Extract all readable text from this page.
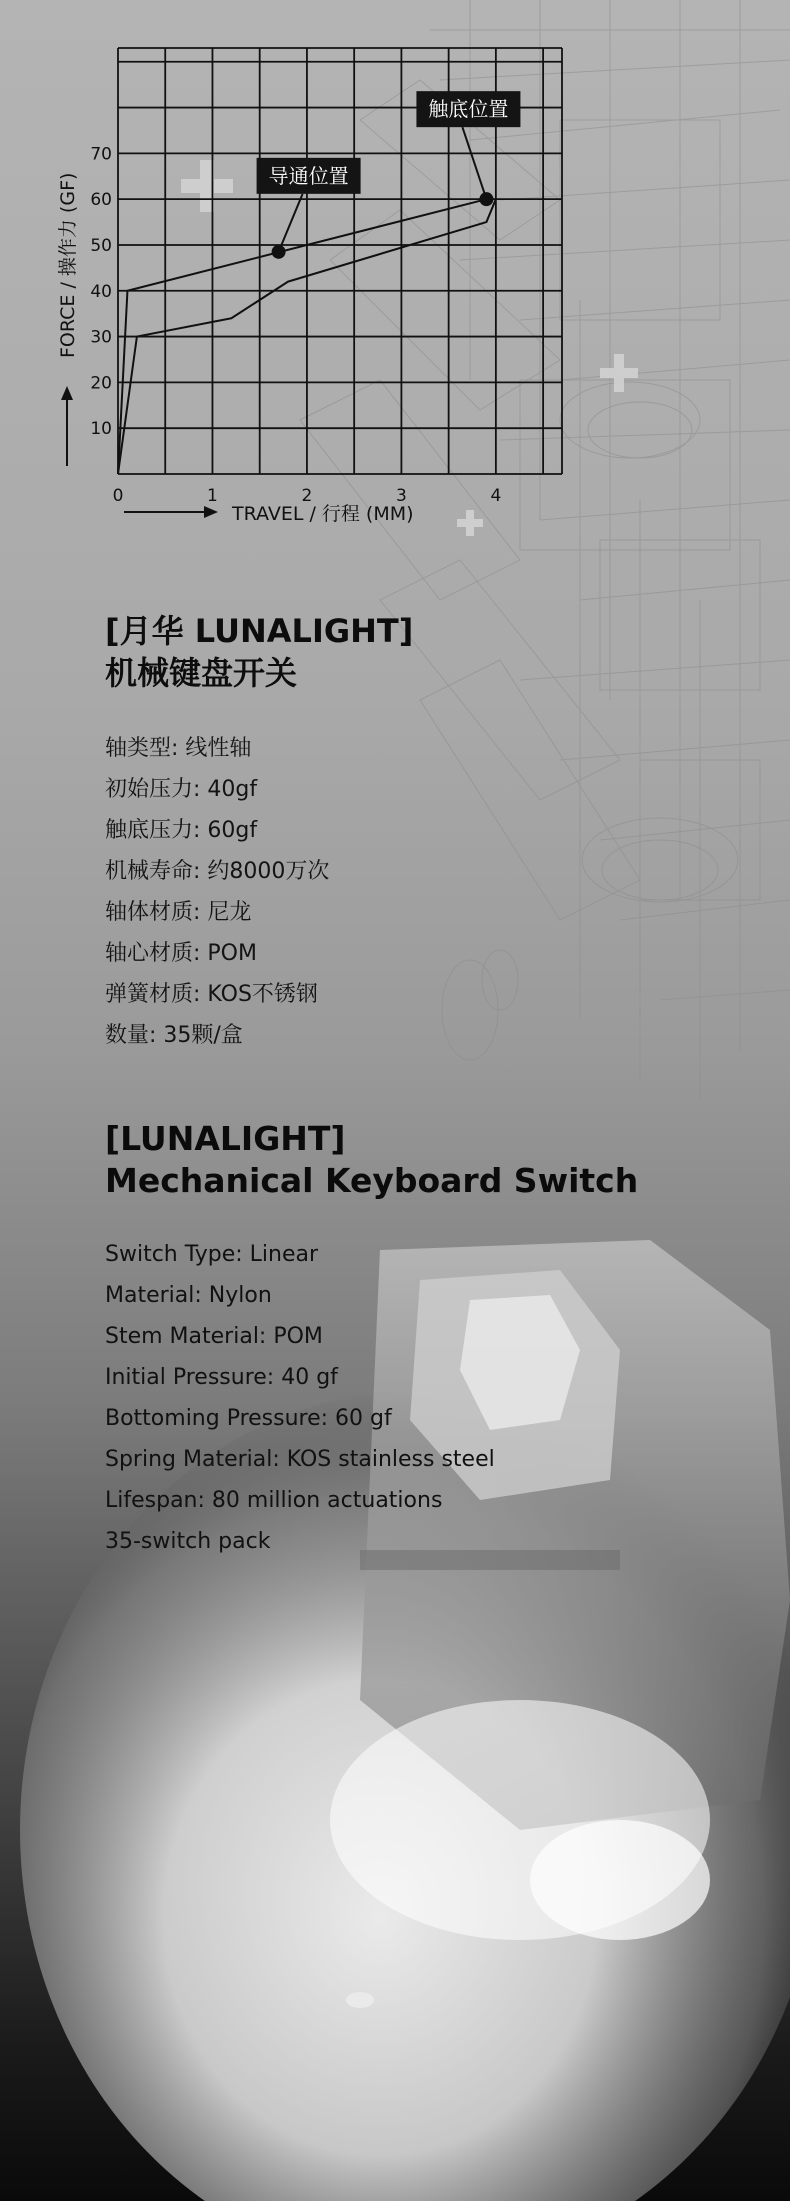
0	1	2	3	4
10
20
30
40
50
60
70
导通位置
触底位置
TRAVEL / 行程 (MM)
FORCE / 操作力 (GF)
[月华 LUNALIGHT]
机械键盘开关
轴类型: 线性轴
初始压力: 40gf
触底压力: 60gf
机械寿命: 约8000万次
轴体材质: 尼龙
轴心材质: POM
弹簧材质: KOS不锈钢
数量: 35颗/盒
[LUNALIGHT]
Mechanical Keyboard Switch
Switch Type: Linear
Material: Nylon
Stem Material: POM
Initial Pressure: 40 gf
Bottoming Pressure: 60 gf
Spring Material: KOS stainless steel
Lifespan: 80 million actuations
35-switch pack
